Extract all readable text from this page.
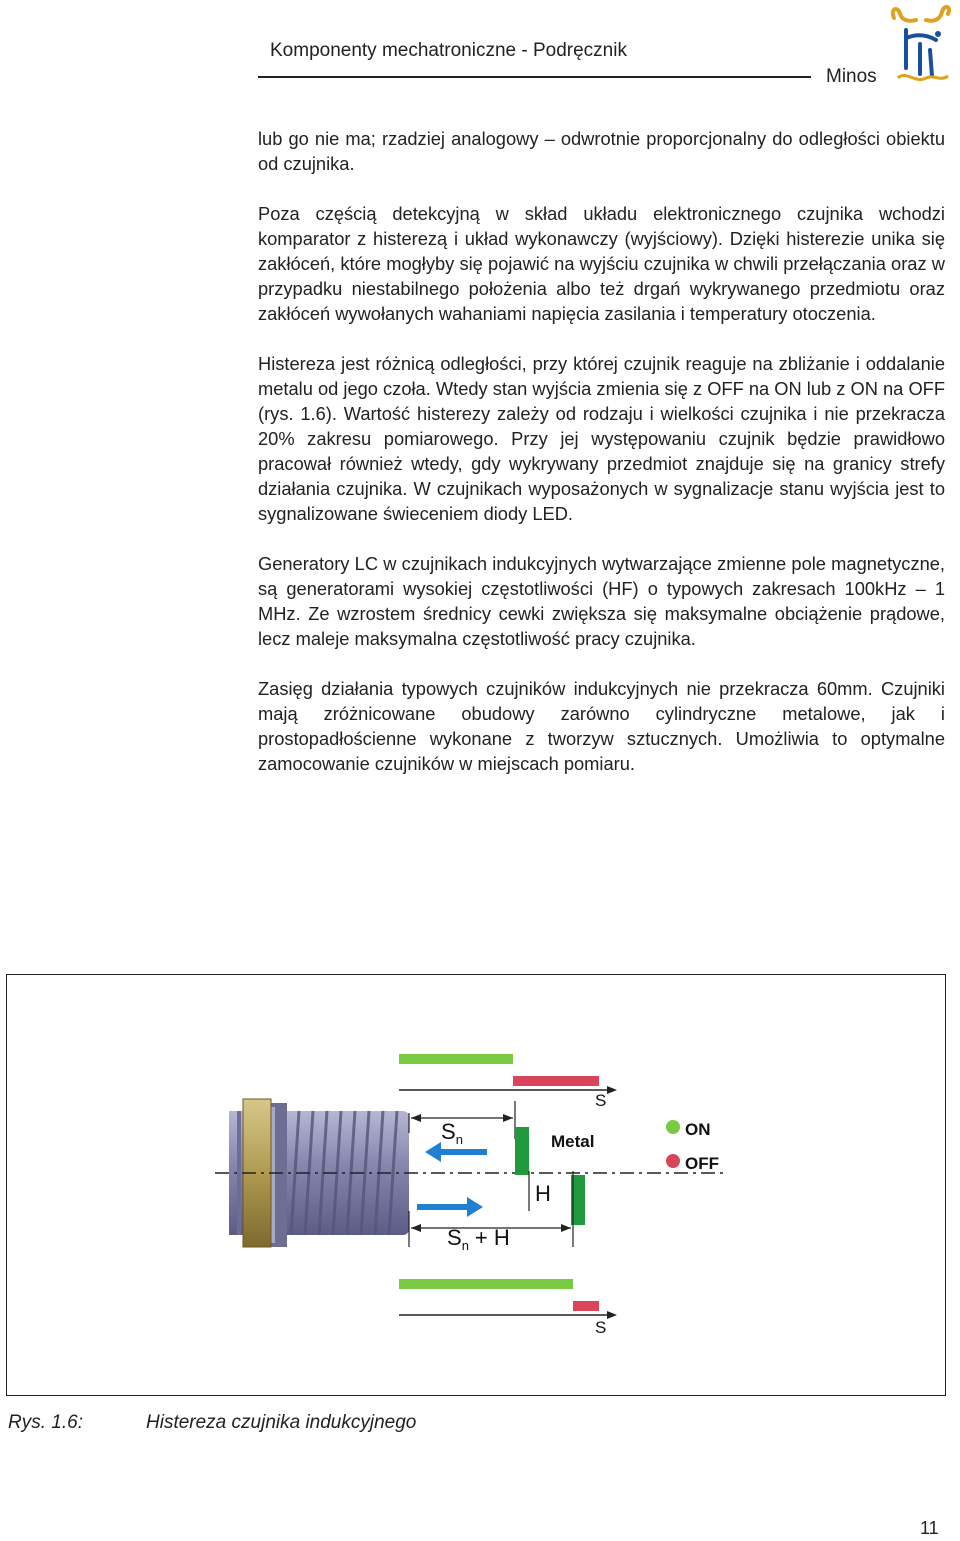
Komponenty mechatroniczne - Podręcznik
Minos

lub go nie ma; rzadziej analogowy – odwrotnie proporcjonalny do odległości obiektu od czujnika.

Poza częścią detekcyjną w skład układu elektronicznego czujnika wchodzi komparator z histerezą i układ wykonawczy (wyjściowy). Dzięki histerezie unika się zakłóceń, które mogłyby się pojawić na wyjściu czujnika w chwili przełączania oraz w przypadku niestabilnego położenia albo też drgań wykrywanego przedmiotu oraz zakłóceń wywołanych wahaniami napięcia zasilania i temperatury otoczenia.

Histereza jest różnicą odległości, przy której czujnik reaguje na zbliżanie i oddalanie metalu od jego czoła. Wtedy stan wyjścia zmienia się z OFF na ON lub z ON na OFF (rys. 1.6). Wartość histerezy zależy od rodzaju i wielkości czujnika i nie przekracza 20% zakresu pomiarowego. Przy jej występowaniu czujnik będzie prawidłowo pracował również wtedy, gdy wykrywany przedmiot znajduje się na granicy strefy działania czujnika. W czujnikach wyposażonych w sygnalizacje stanu wyjścia jest to sygnalizowane świeceniem diody LED.

Generatory LC w czujnikach indukcyjnych wytwarzające zmienne pole magnetyczne, są generatorami wysokiej częstotliwości (HF) o typowych zakresach 100kHz – 1 MHz. Ze wzrostem średnicy cewki zwiększa się maksymalne obciążenie prądowe, lecz maleje maksymalna częstotliwość pracy czujnika.

Zasięg działania typowych czujników indukcyjnych nie przekracza 60mm. Czujniki mają zróżnicowane obudowy zarówno cylindryczne metalowe, jak i prostopadłościenne wykonane z tworzyw sztucznych. Umożliwia to optymalne zamocowanie czujników w miejscach pomiaru.

S
$S_n$	Metal
H
$S_n + H$
S
ON
OFF
Rys. 1.6:	Histereza czujnika indukcyjnego
11
